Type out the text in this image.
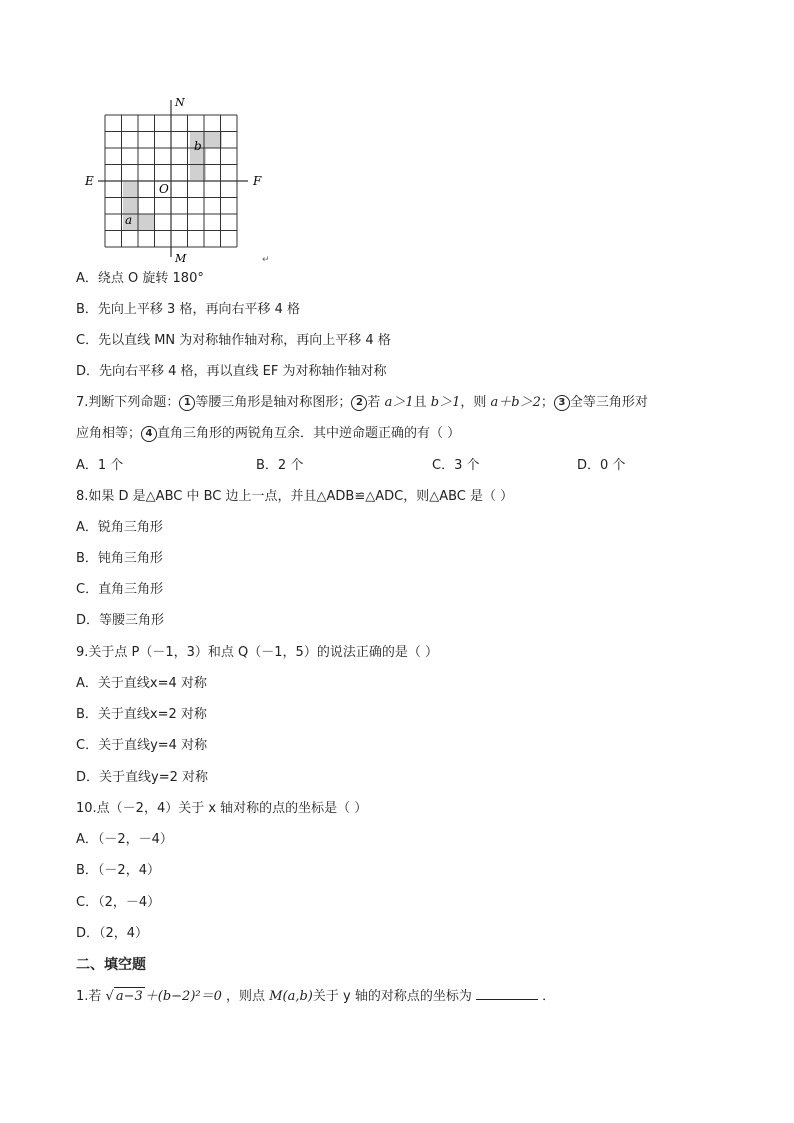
N
M
E	F
O
a
b
↵
A．绕点 O 旋转 180°
B．先向上平移 3 格，再向右平移 4 格
C．先以直线 MN 为对称轴作轴对称，再向上平移 4 格
D．先向右平移 4 格，再以直线 EF 为对称轴作轴对称
7.判断下列命题： 1 等腰三角形是轴对称图形； 2 若 a＞1且 b＞1，则 a＋b＞2； 3 全等三角形对
应角相等； 4 直角三角形的两锐角互余．其中逆命题正确的有（ ）
A．1 个	B．2 个	C．3 个	D．0 个
8.如果 D 是△ABC 中 BC 边上一点，并且△ADB≌△ADC，则△ABC 是（ ）
A．锐角三角形
B．钝角三角形
C．直角三角形
D．等腰三角形
9.关于点 P（－1，3）和点 Q（－1，5）的说法正确的是（ ）
A．关于直线x=4 对称
B．关于直线x=2 对称
C．关于直线y=4 对称
D．关于直线y=2 对称
10.点（－2，4）关于 x 轴对称的点的坐标是（ ）
A．（－2，－4）
B．（－2，4）
C．（2，－4）
D．（2，4）
二、填空题
1.若 √ a−3 ＋(b−2)²＝0 ，则点 M(a,b)关于 y 轴的对称点的坐标为	．
